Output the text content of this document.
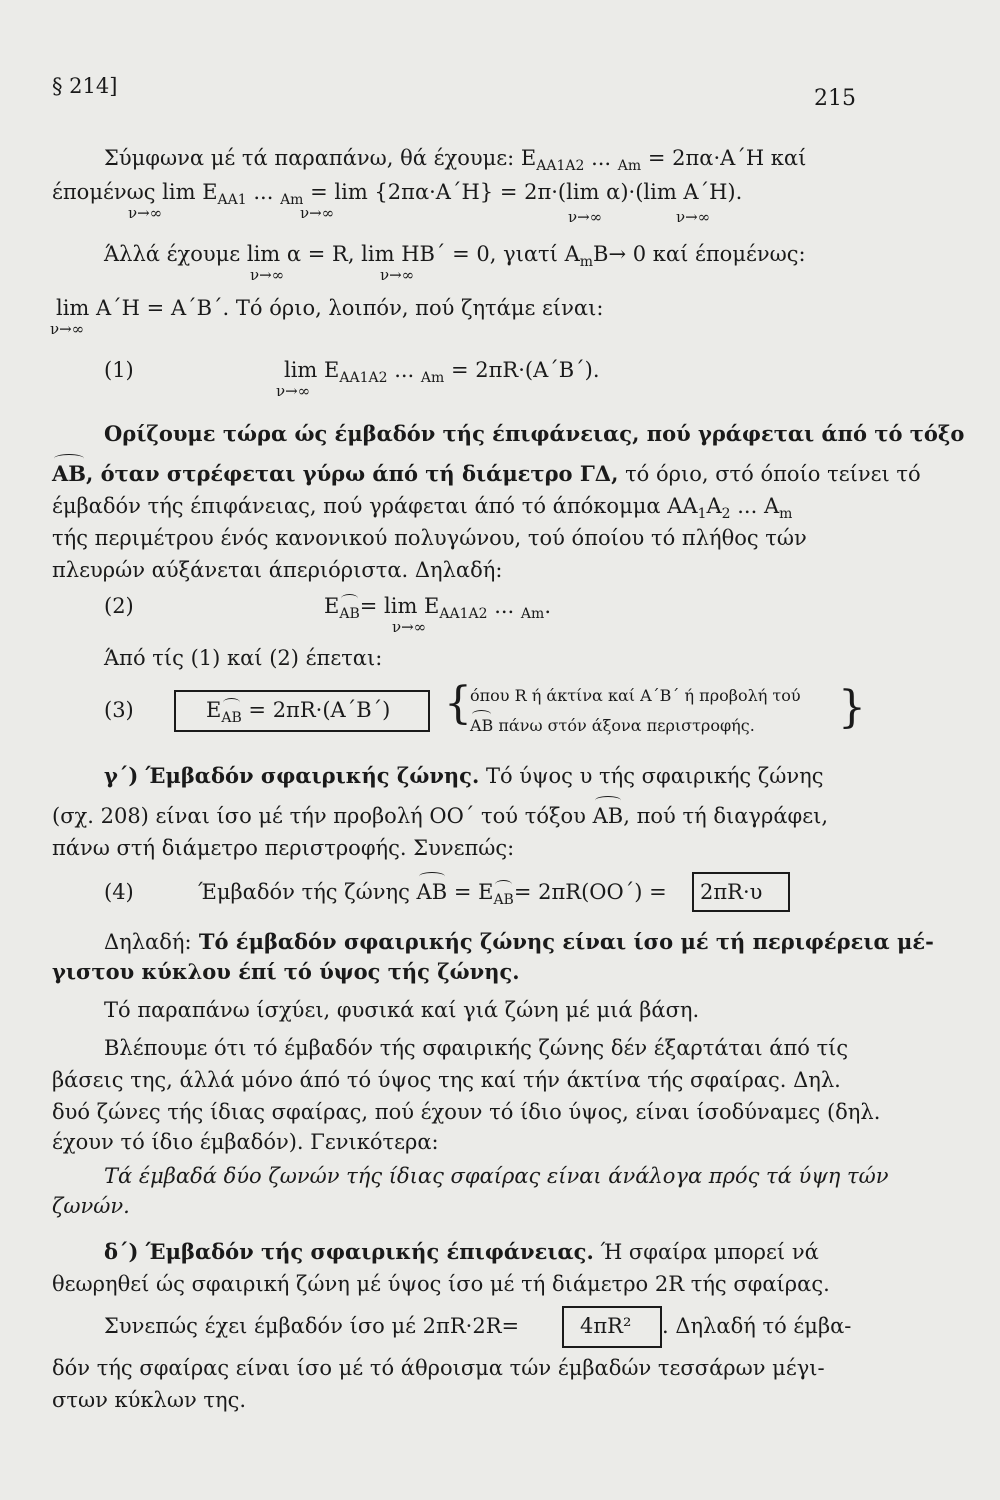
§ 214]	215
Σύμφωνα μέ τά παραπάνω, θά έχουμε: $E_{AA1A2}$ ... $_{Am}$ = 2πα·Α΄Η καί
έπομένως $\lim E_{AA1}$ ... $_{Am}$ = lim {2πα·Α΄Η} = 2π·(lim α)·(lim Α΄Η).
ν→∞	ν→∞	ν→∞	ν→∞
Άλλά έχουμε lim α = R, lim HB΄ = 0, γιατί $A_mB\to 0$ καί έπομένως:
ν→∞	ν→∞
lim Α΄Η = Α΄Β΄. Τό όριο, λοιπόν, πού ζητάμε είναι:
ν→∞
(1)	$\lim E_{AA1A2}$ ... $_{Am}$ = 2πR·(Α΄Β΄).
ν→∞
Ορίζουμε τώρα ώς έμβαδόν τής έπιφάνειας, πού γράφεται άπό τό τόξο
ΑΒ, όταν στρέφεται γύρω άπό τή διάμετρο ΓΔ, τό όριο, στό όποίο τείνει τό
έμβαδόν τής έπιφάνειας, πού γράφεται άπό τό άπόκομμα $AA_1A_2$ ... $A_m$
τής περιμέτρου ένός κανονικού πολυγώνου, τού όποίου τό πλήθος τών
πλευρών αύξάνεται άπεριόριστα. Δηλαδή:
(2)	$E_{AB}= \lim E_{AA1A2}$ ... $_{Am}$.
ν→∞
Άπό τίς (1) καί (2) έπεται:
(3)	$E_{AB} = 2\pi R\cdot(A΄B΄)$ {
όπου R ή άκτίνα καί Α΄Β΄ ή προβολή τού
ΑΒ πάνω στόν άξονα περιστροφής. }
γ΄) Έμβαδόν σφαιρικής ζώνης. Τό ύψος υ τής σφαιρικής ζώνης
(σχ. 208) είναι ίσο μέ τήν προβολή ΟΟ΄ τού τόξου ΑΒ, πού τή διαγράφει,
πάνω στή διάμετρο περιστροφής. Συνεπώς:
(4)	Έμβαδόν τής ζώνης $AB = E_{AB}= 2\pi R(OO΄) = 2\pi R\cdot\upsilon$
Δηλαδή: Τό έμβαδόν σφαιρικής ζώνης είναι ίσο μέ τή περιφέρεια μέ-
γιστου κύκλου έπί τό ύψος τής ζώνης.
Τό παραπάνω ίσχύει, φυσικά καί γιά ζώνη μέ μιά βάση.
Βλέπουμε ότι τό έμβαδόν τής σφαιρικής ζώνης δέν έξαρτάται άπό τίς
βάσεις της, άλλά μόνο άπό τό ύψος της καί τήν άκτίνα τής σφαίρας. Δηλ.
δυό ζώνες τής ίδιας σφαίρας, πού έχουν τό ίδιο ύψος, είναι ίσοδύναμες (δηλ.
έχουν τό ίδιο έμβαδόν). Γενικότερα:
Τά έμβαδά δύο ζωνών τής ίδιας σφαίρας είναι άνάλογα πρός τά ύψη τών
ζωνών.
δ΄) Έμβαδόν τής σφαιρικής έπιφάνειας. Ή σφαίρα μπορεί νά
θεωρηθεί ώς σφαιρική ζώνη μέ ύψος ίσο μέ τή διάμετρο 2R τής σφαίρας.
Συνεπώς έχει έμβαδόν ίσο μέ 2πR·2R=	4πR² . Δηλαδή τό έμβα-
δόν τής σφαίρας είναι ίσο μέ τό άθροισμα τών έμβαδών τεσσάρων μέγι-
στων κύκλων της.
